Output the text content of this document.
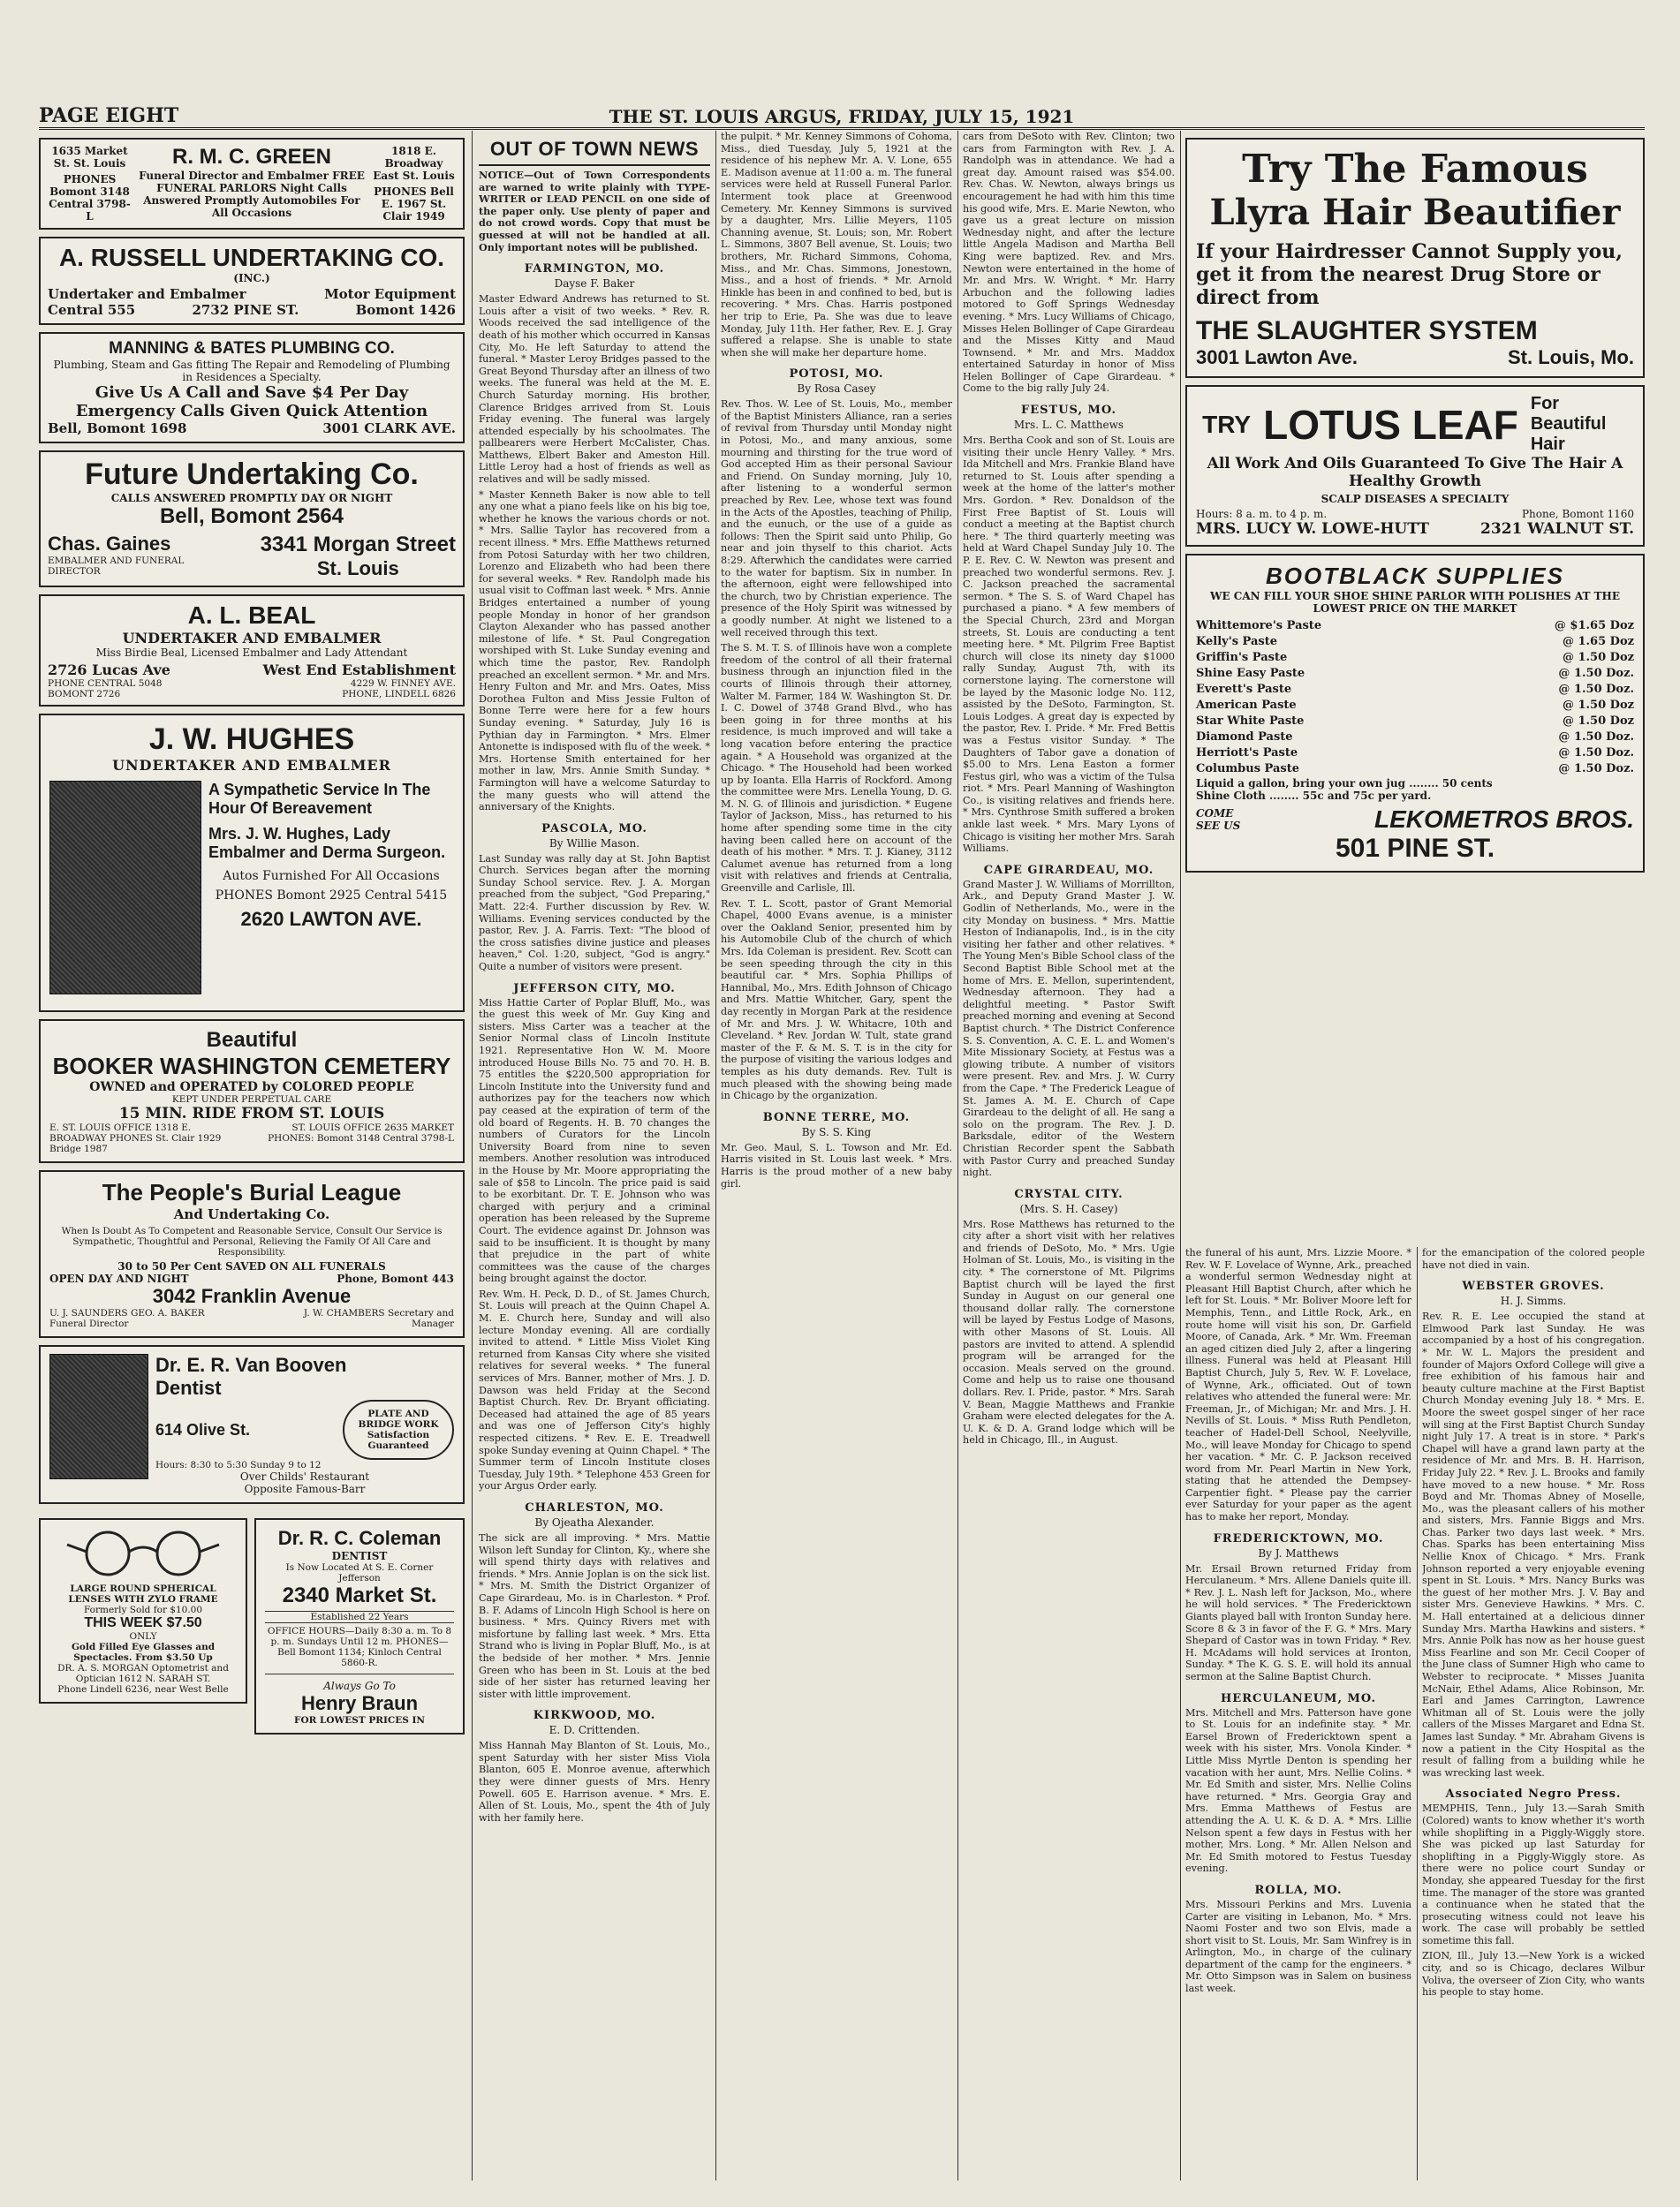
PAGE EIGHT	THE ST. LOUIS ARGUS, FRIDAY, JULY 15, 1921
1635 Market St. St. Louis
PHONES Bomont 3148 Central 3798-L
R. M. C. GREEN
Funeral Director and Embalmer FREE FUNERAL PARLORS Night Calls Answered Promptly Automobiles For All Occasions
1818 E. Broadway East St. Louis
PHONES Bell E. 1967 St. Clair 1949
A. RUSSELL UNDERTAKING CO.
(INC.)
Undertaker and Embalmer	Motor Equipment
Central 555	2732 PINE ST.	Bomont 1426
MANNING & BATES PLUMBING CO.
Plumbing, Steam and Gas fitting The Repair and Remodeling of Plumbing in Residences a Specialty.
Give Us A Call and Save $4 Per Day
Emergency Calls Given Quick Attention
Bell, Bomont 1698	3001 CLARK AVE.
Future Undertaking Co.
CALLS ANSWERED PROMPTLY DAY OR NIGHT
Bell, Bomont 2564
Chas. Gaines
EMBALMER AND FUNERAL DIRECTOR
3341 Morgan Street
St. Louis
A. L. BEAL
UNDERTAKER AND EMBALMER
Miss Birdie Beal, Licensed Embalmer and Lady Attendant
2726 Lucas Ave
PHONE CENTRAL 5048 BOMONT 2726
West End Establishment
4229 W. FINNEY AVE.
PHONE, LINDELL 6826
J. W. HUGHES
UNDERTAKER AND EMBALMER
A Sympathetic Service In The Hour Of Bereavement
Mrs. J. W. Hughes, Lady Embalmer and Derma Surgeon.
Autos Furnished For All Occasions
PHONES Bomont 2925 Central 5415
2620 LAWTON AVE.
Beautiful
BOOKER WASHINGTON CEMETERY
OWNED and OPERATED by COLORED PEOPLE
KEPT UNDER PERPETUAL CARE
15 MIN. RIDE FROM ST. LOUIS
E. ST. LOUIS OFFICE 1318 E. BROADWAY PHONES St. Clair 1929 Bridge 1987
ST. LOUIS OFFICE 2635 MARKET PHONES: Bomont 3148 Central 3798-L
The People's Burial League
And Undertaking Co.
When Is Doubt As To Competent and Reasonable Service, Consult Our Service is Sympathetic, Thoughtful and Personal, Relieving the Family Of All Care and Responsibility.
30 to 50 Per Cent SAVED ON ALL FUNERALS
OPEN DAY AND NIGHT	Phone, Bomont 443
3042 Franklin Avenue
U. J. SAUNDERS GEO. A. BAKER Funeral Director
J. W. CHAMBERS Secretary and Manager
Dr. E. R. Van Booven
Dentist
614 Olive St.
PLATE AND BRIDGE WORK Satisfaction Guaranteed
Hours: 8:30 to 5:30 Sunday 9 to 12
Over Childs' Restaurant
Opposite Famous-Barr
LARGE ROUND SPHERICAL LENSES WITH ZYLO FRAME
Formerly Sold for $10.00
THIS WEEK $7.50
ONLY
Gold Filled Eye Glasses and Spectacles. From $3.50 Up
DR. A. S. MORGAN Optometrist and Optician 1612 N. SARAH ST.
Phone Lindell 6236, near West Belle
Dr. R. C. Coleman
DENTIST
Is Now Located At S. E. Corner Jefferson
2340 Market St.
Established 22 Years
OFFICE HOURS—Daily 8:30 a. m. To 8 p. m. Sundays Until 12 m. PHONES—Bell Bomont 1134; Kinloch Central 5860-R.
Always Go To
Henry Braun
FOR LOWEST PRICES IN
OUT OF TOWN NEWS

NOTICE—Out of Town Correspondents are warned to write plainly with TYPE-WRITER or LEAD PENCIL on one side of the paper only. Use plenty of paper and do not crowd words. Copy that must be guessed at will not be handled at all. Only important notes will be published.

FARMINGTON, MO.
Dayse F. Baker

Master Edward Andrews has returned to St. Louis after a visit of two weeks. * Rev. R. Woods received the sad intelligence of the death of his mother which occurred in Kansas City, Mo. He left Saturday to attend the funeral. * Master Leroy Bridges passed to the Great Beyond Thursday after an illness of two weeks. The funeral was held at the M. E. Church Saturday morning. His brother, Clarence Bridges arrived from St. Louis Friday evening. The funeral was largely attended especially by his schoolmates. The pallbearers were Herbert McCalister, Chas. Matthews, Elbert Baker and Ameston Hill. Little Leroy had a host of friends as well as relatives and will be sadly missed.

* Master Kenneth Baker is now able to tell any one what a piano feels like on his big toe, whether he knows the various chords or not. * Mrs. Sallie Taylor has recovered from a recent illness. * Mrs. Effie Matthews returned from Potosi Saturday with her two children, Lorenzo and Elizabeth who had been there for several weeks. * Rev. Randolph made his usual visit to Coffman last week. * Mrs. Annie Bridges entertained a number of young people Monday in honor of her grandson Clayton Alexander who has passed another milestone of life. * St. Paul Congregation worshiped with St. Luke Sunday evening and which time the pastor, Rev. Randolph preached an excellent sermon. * Mr. and Mrs. Henry Fulton and Mr. and Mrs. Oates, Miss Dorothea Fulton and Miss Jessie Fulton of Bonne Terre were here for a few hours Sunday evening. * Saturday, July 16 is Pythian day in Farmington. * Mrs. Elmer Antonette is indisposed with flu of the week. * Mrs. Hortense Smith entertained for her mother in law, Mrs. Annie Smith Sunday. * Farmington will have a welcome Saturday to the many guests who will attend the anniversary of the Knights.

PASCOLA, MO.
By Willie Mason.

Last Sunday was rally day at St. John Baptist Church. Services began after the morning Sunday School service. Rev. J. A. Morgan preached from the subject, "God Preparing," Matt. 22:4. Further discussion by Rev. W. Williams. Evening services conducted by the pastor, Rev. J. A. Farris. Text: "The blood of the cross satisfies divine justice and pleases heaven," Col. 1:20, subject, "God is angry." Quite a number of visitors were present.

JEFFERSON CITY, MO.

Miss Hattie Carter of Poplar Bluff, Mo., was the guest this week of Mr. Guy King and sisters. Miss Carter was a teacher at the Senior Normal class of Lincoln Institute 1921. Representative Hon W. M. Moore introduced House Bills No. 75 and 70. H. B. 75 entitles the $220,500 appropriation for Lincoln Institute into the University fund and authorizes pay for the teachers now which pay ceased at the expiration of term of the old board of Regents. H. B. 70 changes the numbers of Curators for the Lincoln University Board from nine to seven members. Another resolution was introduced in the House by Mr. Moore appropriating the sale of $58 to Lincoln. The price paid is said to be exorbitant. Dr. T. E. Johnson who was charged with perjury and a criminal operation has been released by the Supreme Court. The evidence against Dr. Johnson was said to be insufficient. It is thought by many that prejudice in the part of white committees was the cause of the charges being brought against the doctor.

Rev. Wm. H. Peck, D. D., of St. James Church, St. Louis will preach at the Quinn Chapel A. M. E. Church here, Sunday and will also lecture Monday evening. All are cordially invited to attend. * Little Miss Violet King returned from Kansas City where she visited relatives for several weeks. * The funeral services of Mrs. Banner, mother of Mrs. J. D. Dawson was held Friday at the Second Baptist Church. Rev. Dr. Bryant officiating. Deceased had attained the age of 85 years and was one of Jefferson City's highly respected citizens. * Rev. E. E. Treadwell spoke Sunday evening at Quinn Chapel. * The Summer term of Lincoln Institute closes Tuesday, July 19th. * Telephone 453 Green for your Argus Order early.

CHARLESTON, MO.
By Ojeatha Alexander.

The sick are all improving. * Mrs. Mattie Wilson left Sunday for Clinton, Ky., where she will spend thirty days with relatives and friends. * Mrs. Annie Joplan is on the sick list. * Mrs. M. Smith the District Organizer of Cape Girardeau, Mo. is in Charleston. * Prof. B. F. Adams of Lincoln High School is here on business. * Mrs. Quincy Rivers met with misfortune by falling last week. * Mrs. Etta Strand who is living in Poplar Bluff, Mo., is at the bedside of her mother. * Mrs. Jennie Green who has been in St. Louis at the bed side of her sister has returned leaving her sister with little improvement.

KIRKWOOD, MO.
E. D. Crittenden.

Miss Hannah May Blanton of St. Louis, Mo., spent Saturday with her sister Miss Viola Blanton, 605 E. Monroe avenue, afterwhich they were dinner guests of Mrs. Henry Powell. 605 E. Harrison avenue. * Mrs. E. Allen of St. Louis, Mo., spent the 4th of July with her family here.

the pulpit. * Mr. Kenney Simmons of Cohoma, Miss., died Tuesday, July 5, 1921 at the residence of his nephew Mr. A. V. Lone, 655 E. Madison avenue at 11:00 a. m. The funeral services were held at Russell Funeral Parlor. Interment took place at Greenwood Cemetery. Mr. Kenney Simmons is survived by a daughter, Mrs. Lillie Meyers, 1105 Channing avenue, St. Louis; son, Mr. Robert L. Simmons, 3807 Bell avenue, St. Louis; two brothers, Mr. Richard Simmons, Cohoma, Miss., and Mr. Chas. Simmons, Jonestown, Miss., and a host of friends. * Mr. Arnold Hinkle has been in and confined to bed, but is recovering. * Mrs. Chas. Harris postponed her trip to Erie, Pa. She was due to leave Monday, July 11th. Her father, Rev. E. J. Gray suffered a relapse. She is unable to state when she will make her departure home.

POTOSI, MO.
By Rosa Casey

Rev. Thos. W. Lee of St. Louis, Mo., member of the Baptist Ministers Alliance, ran a series of revival from Thursday until Monday night in Potosi, Mo., and many anxious, some mourning and thirsting for the true word of God accepted Him as their personal Saviour and Friend. On Sunday morning, July 10, after listening to a wonderful sermon preached by Rev. Lee, whose text was found in the Acts of the Apostles, teaching of Philip, and the eunuch, or the use of a guide as follows: Then the Spirit said unto Philip, Go near and join thyself to this chariot. Acts 8:29. Afterwhich the candidates were carried to the water for baptism. Six in number. In the afternoon, eight were fellowshiped into the church, two by Christian experience. The presence of the Holy Spirit was witnessed by a goodly number. At night we listened to a well received through this text.

The S. M. T. S. of Illinois have won a complete freedom of the control of all their fraternal business through an injunction filed in the courts of Illinois through their attorney, Walter M. Farmer, 184 W. Washington St. Dr. I. C. Dowel of 3748 Grand Blvd., who has been going in for three months at his residence, is much improved and will take a long vacation before entering the practice again. * A Household was organized at the Chicago. * The Household had been worked up by Ioanta. Ella Harris of Rockford. Among the committee were Mrs. Lenella Young, D. G. M. N. G. of Illinois and jurisdiction. * Eugene Taylor of Jackson, Miss., has returned to his home after spending some time in the city having been called here on account of the death of his mother. * Mrs. T. J. Kianey, 3112 Calumet avenue has returned from a long visit with relatives and friends at Centralia, Greenville and Carlisle, Ill.

Rev. T. L. Scott, pastor of Grant Memorial Chapel, 4000 Evans avenue, is a minister over the Oakland Senior, presented him by his Automobile Club of the church of which Mrs. Ida Coleman is president. Rev. Scott can be seen speeding through the city in this beautiful car. * Mrs. Sophia Phillips of Hannibal, Mo., Mrs. Edith Johnson of Chicago and Mrs. Mattie Whitcher, Gary, spent the day recently in Morgan Park at the residence of Mr. and Mrs. J. W. Whitacre, 10th and Cleveland. * Rev. Jordan W. Tult, state grand master of the F. & M. S. T. is in the city for the purpose of visiting the various lodges and temples as his duty demands. Rev. Tult is much pleased with the showing being made in Chicago by the organization.

BONNE TERRE, MO.
By S. S. King

Mr. Geo. Maul, S. L. Towson and Mr. Ed. Harris visited in St. Louis last week. * Mrs. Harris is the proud mother of a new baby girl.

cars from DeSoto with Rev. Clinton; two cars from Farmington with Rev. J. A. Randolph was in attendance. We had a great day. Amount raised was $54.00. Rev. Chas. W. Newton, always brings us encouragement he had with him this time his good wife, Mrs. E. Marie Newton, who gave us a great lecture on mission Wednesday night, and after the lecture little Angela Madison and Martha Bell King were baptized. Rev. and Mrs. Newton were entertained in the home of Mr. and Mrs. W. Wright. * Mr. Harry Arbuchon and the following ladies motored to Goff Springs Wednesday evening. * Mrs. Lucy Williams of Chicago, Misses Helen Bollinger of Cape Girardeau and the Misses Kitty and Maud Townsend. * Mr. and Mrs. Maddox entertained Saturday in honor of Miss Helen Bollinger of Cape Girardeau. * Come to the big rally July 24.

FESTUS, MO.
Mrs. L. C. Matthews

Mrs. Bertha Cook and son of St. Louis are visiting their uncle Henry Valley. * Mrs. Ida Mitchell and Mrs. Frankie Bland have returned to St. Louis after spending a week at the home of the latter's mother Mrs. Gordon. * Rev. Donaldson of the First Free Baptist of St. Louis will conduct a meeting at the Baptist church here. * The third quarterly meeting was held at Ward Chapel Sunday July 10. The P. E. Rev. C. W. Newton was present and preached two wonderful sermons. Rev. J. C. Jackson preached the sacramental sermon. * The S. S. of Ward Chapel has purchased a piano. * A few members of the Special Church, 23rd and Morgan streets, St. Louis are conducting a tent meeting here. * Mt. Pilgrim Free Baptist church will close its ninety day $1000 rally Sunday, August 7th, with its cornerstone laying. The cornerstone will be layed by the Masonic lodge No. 112, assisted by the DeSoto, Farmington, St. Louis Lodges. A great day is expected by the pastor, Rev. I. Pride. * Mr. Fred Bettis was a Festus visitor Sunday. * The Daughters of Tabor gave a donation of $5.00 to Mrs. Lena Easton a former Festus girl, who was a victim of the Tulsa riot. * Mrs. Pearl Manning of Washington Co., is visiting relatives and friends here. * Mrs. Cynthrose Smith suffered a broken ankle last week. * Mrs. Mary Lyons of Chicago is visiting her mother Mrs. Sarah Williams.

CAPE GIRARDEAU, MO.

Grand Master J. W. Williams of Morrillton, Ark., and Deputy Grand Master J. W. Godlin of Netherlands, Mo., were in the city Monday on business. * Mrs. Mattie Heston of Indianapolis, Ind., is in the city visiting her father and other relatives. * The Young Men's Bible School class of the Second Baptist Bible School met at the home of Mrs. E. Mellon, superintendent, Wednesday afternoon. They had a delightful meeting. * Pastor Swift preached morning and evening at Second Baptist church. * The District Conference S. S. Convention, A. C. E. L. and Women's Mite Missionary Society, at Festus was a glowing tribute. A number of visitors were present. Rev. and Mrs. J. W. Curry from the Cape. * The Frederick League of St. James A. M. E. Church of Cape Girardeau to the delight of all. He sang a solo on the program. The Rev. J. D. Barksdale, editor of the Western Christian Recorder spent the Sabbath with Pastor Curry and preached Sunday night.

CRYSTAL CITY.
(Mrs. S. H. Casey)

Mrs. Rose Matthews has returned to the city after a short visit with her relatives and friends of DeSoto, Mo. * Mrs. Ugie Holman of St. Louis, Mo., is visiting in the city. * The cornerstone of Mt. Pilgrims Baptist church will be layed the first Sunday in August on our general one thousand dollar rally. The cornerstone will be layed by Festus Lodge of Masons, with other Masons of St. Louis. All pastors are invited to attend. A splendid program will be arranged for the occasion. Meals served on the ground. Come and help us to raise one thousand dollars. Rev. I. Pride, pastor. * Mrs. Sarah V. Bean, Maggie Matthews and Frankie Graham were elected delegates for the A. U. K. & D. A. Grand lodge which will be held in Chicago, Ill., in August.

Try The Famous
Llyra Hair Beautifier
If your Hairdresser Cannot Supply you, get it from the nearest Drug Store or direct from
THE SLAUGHTER SYSTEM
3001 Lawton Ave.	St. Louis, Mo.
TRY LOTUS LEAF For Beautiful Hair
All Work And Oils Guaranteed To Give The Hair A Healthy Growth
SCALP DISEASES A SPECIALTY
Hours: 8 a. m. to 4 p. m.	Phone, Bomont 1160
MRS. LUCY W. LOWE-HUTT	2321 WALNUT ST.
BOOTBLACK SUPPLIES
WE CAN FILL YOUR SHOE SHINE PARLOR WITH POLISHES AT THE LOWEST PRICE ON THE MARKET
Whittemore's Paste	@ $1.65 Doz
Kelly's Paste	@ 1.65 Doz
Griffin's Paste	@ 1.50 Doz
Shine Easy Paste	@ 1.50 Doz.
Everett's Paste	@ 1.50 Doz.
American Paste	@ 1.50 Doz
Star White Paste	@ 1.50 Doz
Diamond Paste	@ 1.50 Doz.
Herriott's Paste	@ 1.50 Doz.
Columbus Paste	@ 1.50 Doz.
Liquid a gallon, bring your own jug ........ 50 cents
Shine Cloth ........ 55c and 75c per yard.
COME SEE US	LEKOMETROS BROS.
501 PINE ST.

the funeral of his aunt, Mrs. Lizzie Moore. * Rev. W. F. Lovelace of Wynne, Ark., preached a wonderful sermon Wednesday night at Pleasant Hill Baptist Church, after which he left for St. Louis. * Mr. Boliver Moore left for Memphis, Tenn., and Little Rock, Ark., en route home will visit his son, Dr. Garfield Moore, of Canada, Ark. * Mr. Wm. Freeman an aged citizen died July 2, after a lingering illness. Funeral was held at Pleasant Hill Baptist Church, July 5, Rev. W. F. Lovelace, of Wynne, Ark., officiated. Out of town relatives who attended the funeral were: Mr. Freeman, Jr., of Michigan; Mr. and Mrs. J. H. Nevills of St. Louis. * Miss Ruth Pendleton, teacher of Hadel-Dell School, Neelyville, Mo., will leave Monday for Chicago to spend her vacation. * Mr. C. P. Jackson received word from Mr. Pearl Martin in New York, stating that he attended the Dempsey-Carpentier fight. * Please pay the carrier ever Saturday for your paper as the agent has to make her report, Monday.

FREDERICKTOWN, MO.
By J. Matthews

Mr. Ersail Brown returned Friday from Herculaneum. * Mrs. Allene Daniels quite ill. * Rev. J. L. Nash left for Jackson, Mo., where he will hold services. * The Fredericktown Giants played ball with Ironton Sunday here. Score 8 & 3 in favor of the F. G. * Mrs. Mary Shepard of Castor was in town Friday. * Rev. H. McAdams will hold services at Ironton, Sunday. * The K. G. S. E. will hold its annual sermon at the Saline Baptist Church.

HERCULANEUM, MO.

Mrs. Mitchell and Mrs. Patterson have gone to St. Louis for an indefinite stay. * Mr. Earsel Brown of Fredericktown spent a week with his sister, Mrs. Vonola Kinder. * Little Miss Myrtle Denton is spending her vacation with her aunt, Mrs. Nellie Colins. * Mr. Ed Smith and sister, Mrs. Nellie Colins have returned. * Mrs. Georgia Gray and Mrs. Emma Matthews of Festus are attending the A. U. K. & D. A. * Mrs. Lillie Nelson spent a few days in Festus with her mother, Mrs. Long. * Mr. Allen Nelson and Mr. Ed Smith motored to Festus Tuesday evening.

ROLLA, MO.

Mrs. Missouri Perkins and Mrs. Luvenia Carter are visiting in Lebanon, Mo. * Mrs. Naomi Foster and two son Elvis, made a short visit to St. Louis, Mr. Sam Winfrey is in Arlington, Mo., in charge of the culinary department of the camp for the engineers. * Mr. Otto Simpson was in Salem on business last week.

for the emancipation of the colored people have not died in vain.

WEBSTER GROVES.
H. J. Simms.

Rev. R. E. Lee occupied the stand at Elmwood Park last Sunday. He was accompanied by a host of his congregation. * Mr. W. L. Majors the president and founder of Majors Oxford College will give a free exhibition of his famous hair and beauty culture machine at the First Baptist Church Monday evening July 18. * Mrs. E. Moore the sweet gospel singer of her race will sing at the First Baptist Church Sunday night July 17. A treat is in store. * Park's Chapel will have a grand lawn party at the residence of Mr. and Mrs. B. H. Harrison, Friday July 22. * Rev. J. L. Brooks and family have moved to a new house. * Mr. Ross Boyd and Mr. Thomas Abney of Moselle, Mo., was the pleasant callers of his mother and sisters, Mrs. Fannie Biggs and Mrs. Chas. Parker two days last week. * Mrs. Chas. Sparks has been entertaining Miss Nellie Knox of Chicago. * Mrs. Frank Johnson reported a very enjoyable evening spent in St. Louis. * Mrs. Nancy Burks was the guest of her mother Mrs. J. V. Bay and sister Mrs. Genevieve Hawkins. * Mrs. C. M. Hall entertained at a delicious dinner Sunday Mrs. Martha Hawkins and sisters. * Mrs. Annie Polk has now as her house guest Miss Fearline and son Mr. Cecil Cooper of the June class of Sumner High who came to Webster to reciprocate. * Misses Juanita McNair, Ethel Adams, Alice Robinson, Mr. Earl and James Carrington, Lawrence Whitman all of St. Louis were the jolly callers of the Misses Margaret and Edna St. James last Sunday. * Mr. Abraham Givens is now a patient in the City Hospital as the result of falling from a building while he was wrecking last week.

Associated Negro Press.

MEMPHIS, Tenn., July 13.—Sarah Smith (Colored) wants to know whether it's worth while shoplifting in a Piggly-Wiggly store. She was picked up last Saturday for shoplifting in a Piggly-Wiggly store. As there were no police court Sunday or Monday, she appeared Tuesday for the first time. The manager of the store was granted a continuance when he stated that the prosecuting witness could not leave his work. The case will probably be settled sometime this fall.

ZION, Ill., July 13.—New York is a wicked city, and so is Chicago, declares Wilbur Voliva, the overseer of Zion City, who wants his people to stay home.
